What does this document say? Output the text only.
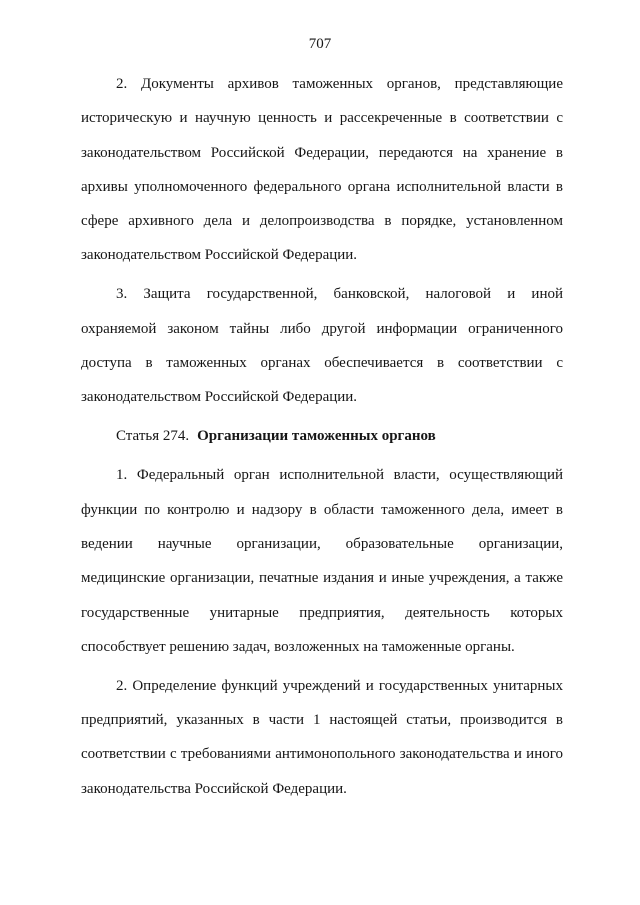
707
2. Документы архивов таможенных органов, представляющие
историческую и научную ценность и рассекреченные в соответствии с
законодательством Российской Федерации, передаются на хранение в
архивы уполномоченного федерального органа исполнительной власти в
сфере архивного дела и делопроизводства в порядке, установленном
законодательством Российской Федерации.
3. Защита государственной, банковской, налоговой и иной
охраняемой законом тайны либо другой информации ограниченного
доступа в таможенных органах обеспечивается в соответствии с
законодательством Российской Федерации.
Статья 274. Организации таможенных органов
1. Федеральный орган исполнительной власти, осуществляющий
функции по контролю и надзору в области таможенного дела, имеет в
ведении научные организации, образовательные организации,
медицинские организации, печатные издания и иные учреждения, а также
государственные унитарные предприятия, деятельность которых
способствует решению задач, возложенных на таможенные органы.
2. Определение функций учреждений и государственных унитарных
предприятий, указанных в части 1 настоящей статьи, производится в
соответствии с требованиями антимонопольного законодательства и иного
законодательства Российской Федерации.
